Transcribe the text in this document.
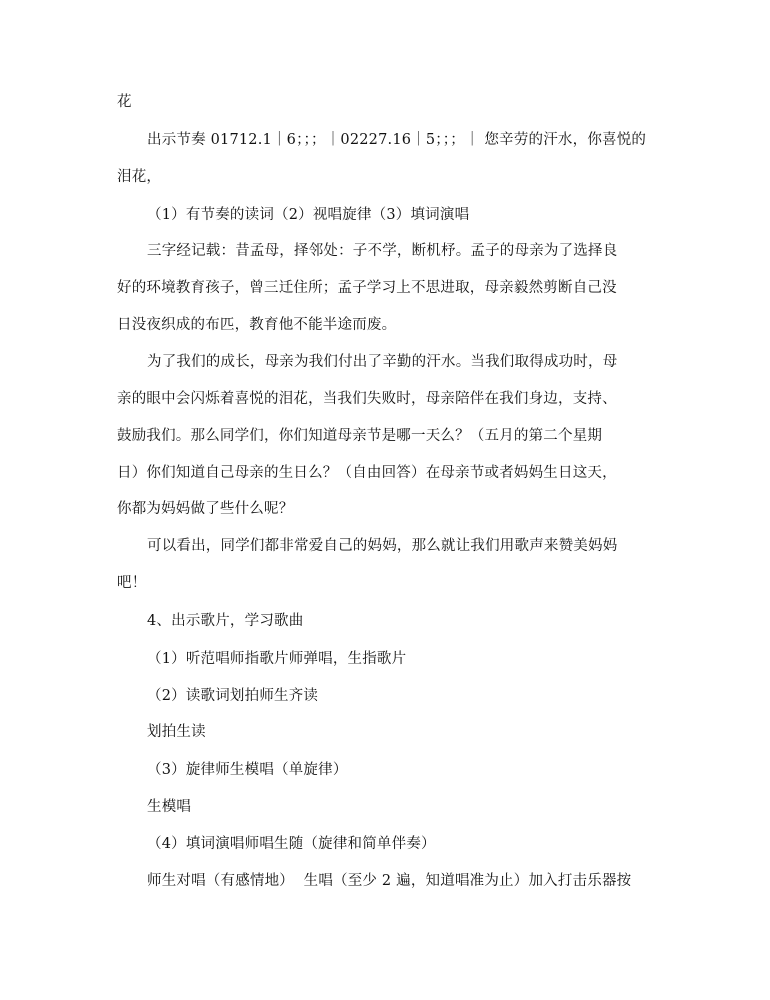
花
出示节奏 01712.1｜6；；；｜02227.16｜5；；；｜ 您辛劳的汗水，你喜悦的
泪花，
（1）有节奏的读词（2）视唱旋律（3）填词演唱
三字经记载：昔孟母，择邻处：子不学，断机杼。孟子的母亲为了选择良
好的环境教育孩子，曾三迁住所；孟子学习上不思进取，母亲毅然剪断自己没
日没夜织成的布匹，教育他不能半途而废。
为了我们的成长，母亲为我们付出了辛勤的汗水。当我们取得成功时，母
亲的眼中会闪烁着喜悦的泪花，当我们失败时，母亲陪伴在我们身边，支持、
鼓励我们。那么同学们，你们知道母亲节是哪一天么？（五月的第二个星期
日）你们知道自己母亲的生日么？（自由回答）在母亲节或者妈妈生日这天，
你都为妈妈做了些什么呢？
可以看出，同学们都非常爱自己的妈妈，那么就让我们用歌声来赞美妈妈
吧！
4、出示歌片，学习歌曲
（1）听范唱师指歌片师弹唱，生指歌片
（2）读歌词划拍师生齐读
划拍生读
（3）旋律师生模唱（单旋律）
生模唱
（4）填词演唱师唱生随（旋律和简单伴奏）
师生对唱（有感情地）  生唱（至少 2 遍，知道唱准为止）加入打击乐器按
